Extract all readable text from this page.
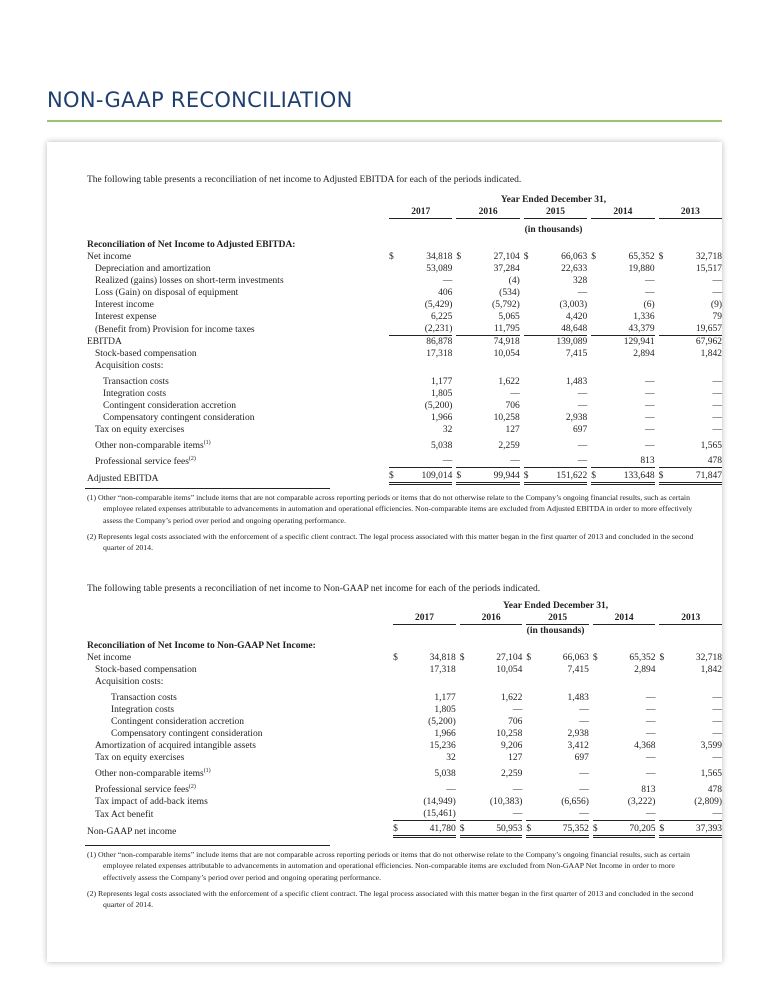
NON-GAAP RECONCILIATION
The following table presents a reconciliation of net income to Adjusted EBITDA for each of the periods indicated.
	Year Ended December 31,				

2017	2016	2015	2014	2013

	(in thousands)				
Reconciliation of Net Income to Adjusted EBITDA:					
Net income	$ 34,818	$ 27,104	$ 66,063	$ 65,352	$ 32,718

Depreciation and amortization	53,089	37,284	22,633	19,880	15,517

Realized (gains) losses on short-term investments	—	(4)	328	—	—

Loss (Gain) on disposal of equipment	406	(534)	—	—	—

Interest income	(5,429)	(5,792)	(3,003)	(6)	(9)

Interest expense	6,225	5,065	4,420	1,336	79

(Benefit from) Provision for income taxes	(2,231)	11,795	48,648	43,379	19,657

EBITDA	86,878	74,918	139,089	129,941	67,962

Stock‑based compensation	17,318	10,054	7,415	2,894	1,842

Acquisition costs:	

Transaction costs	1,177	1,622	1,483	—	—

Integration costs	1,805	—	—	—	—

Contingent consideration accretion	(5,200)	706	—	—	—

Compensatory contingent consideration	1,966	10,258	2,938	—	—

Tax on equity exercises	32	127	697	—	—

Other non-comparable items$^{(1)}$	5,038	2,259	—	—	1,565

Professional service fees$^{(2)}$	—	—	—	813	478

Adjusted EBITDA	$ 109,014	$ 99,944	$ 151,622	$ 133,648	$ 71,847
(1) Other “non-comparable items” include items that are not comparable across reporting periods or items that do not otherwise relate to the Company’s ongoing financial results, such as certain employee related expenses attributable to advancements in automation and operational efficiencies. Non-comparable items are excluded from Adjusted EBITDA in order to more effectively assess the Company’s period over period and ongoing operating performance.
(2) Represents legal costs associated with the enforcement of a specific client contract. The legal process associated with this matter began in the first quarter of 2013 and concluded in the second quarter of 2014.
The following table presents a reconciliation of net income to Non-GAAP net income for each of the periods indicated.
	Year Ended December 31,				

2017	2016	2015	2014	2013

	(in thousands)				
Reconciliation of Net Income to Non-GAAP Net Income:					
Net income	$ 34,818	$ 27,104	$ 66,063	$ 65,352	$ 32,718

Stock‑based compensation	17,318	10,054	7,415	2,894	1,842

Acquisition costs:	

Transaction costs	1,177	1,622	1,483	—	—

Integration costs	1,805	—	—	—	—

Contingent consideration accretion	(5,200)	706	—	—	—

Compensatory contingent consideration	1,966	10,258	2,938	—	—

Amortization of acquired intangible assets	15,236	9,206	3,412	4,368	3,599

Tax on equity exercises	32	127	697	—	—

Other non-comparable items$^{(1)}$	5,038	2,259	—	—	1,565

Professional service fees$^{(2)}$	—	—	—	813	478

Tax impact of add-back items	(14,949)	(10,383)	(6,656)	(3,222)	(2,809)

Tax Act benefit	(15,461)	—	—	—	—

Non-GAAP net income	$ 41,780	$ 50,953	$ 75,352	$ 70,205	$ 37,393
(1) Other “non-comparable items” include items that are not comparable across reporting periods or items that do not otherwise relate to the Company’s ongoing financial results, such as certain employee related expenses attributable to advancements in automation and operational efficiencies. Non-comparable items are excluded from Non-GAAP Net Income in order to more effectively assess the Company’s period over period and ongoing operating performance.
(2) Represents legal costs associated with the enforcement of a specific client contract. The legal process associated with this matter began in the first quarter of 2013 and concluded in the second quarter of 2014.
